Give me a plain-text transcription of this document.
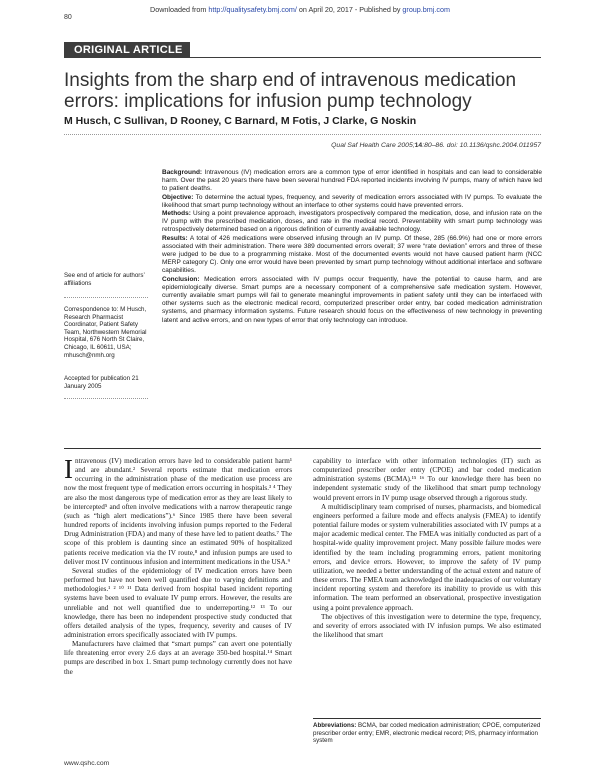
Downloaded from http://qualitysafety.bmj.com/ on April 20, 2017 - Published by group.bmj.com
80
ORIGINAL ARTICLE
Insights from the sharp end of intravenous medication errors: implications for infusion pump technology
M Husch, C Sullivan, D Rooney, C Barnard, M Fotis, J Clarke, G Noskin
Qual Saf Health Care 2005;14:80–86. doi: 10.1136/qshc.2004.011957

Background: Intravenous (IV) medication errors are a common type of error identified in hospitals and can lead to considerable harm. Over the past 20 years there have been several hundred FDA reported incidents involving IV pumps, many of which have led to patient deaths.

Objective: To determine the actual types, frequency, and severity of medication errors associated with IV pumps. To evaluate the likelihood that smart pump technology without an interface to other systems could have prevented errors.

Methods: Using a point prevalence approach, investigators prospectively compared the medication, dose, and infusion rate on the IV pump with the prescribed medication, doses, and rate in the medical record. Preventability with smart pump technology was retrospectively determined based on a rigorous definition of currently available technology.

Results: A total of 426 medications were observed infusing through an IV pump. Of these, 285 (66.9%) had one or more errors associated with their administration. There were 389 documented errors overall; 37 were “rate deviation” errors and three of these were judged to be due to a programming mistake. Most of the documented events would not have caused patient harm (NCC MERP category C). Only one error would have been prevented by smart pump technology without additional interface and software capabilities.

Conclusion: Medication errors associated with IV pumps occur frequently, have the potential to cause harm, and are epidemiologically diverse. Smart pumps are a necessary component of a comprehensive safe medication system. However, currently available smart pumps will fail to generate meaningful improvements in patient safety until they can be interfaced with other systems such as the electronic medical record, computerized prescriber order entry, bar coded medication administration systems, and pharmacy information systems. Future research should focus on the effectiveness of new technology in preventing latent and active errors, and on new types of error that only technology can introduce.

See end of article for authors’ affiliations
Correspondence to: M Husch, Research Pharmacist Coordinator, Patient Safety Team, Northwestern Memorial Hospital, 676 North St Claire, Chicago, IL 60611, USA; mhusch@nmh.org
Accepted for publication 21 January 2005

Intravenous (IV) medication errors have led to considerable patient harm¹ and are abundant.² Several reports estimate that medication errors occurring in the administration phase of the medication use process are now the most frequent type of medication errors occurring in hospitals.³ ⁴ They are also the most dangerous type of medication error as they are least likely to be intercepted⁵ and often involve medications with a narrow therapeutic range (such as “high alert medications”).⁶ Since 1985 there have been several hundred reports of incidents involving infusion pumps reported to the Federal Drug Administration (FDA) and many of these have led to patient deaths.⁷ The scope of this problem is daunting since an estimated 90% of hospitalized patients receive medication via the IV route,⁸ and infusion pumps are used to deliver most IV continuous infusion and intermittent medications in the USA.⁹

Several studies of the epidemiology of IV medication errors have been performed but have not been well quantified due to varying definitions and methodologies.¹ ² ¹⁰ ¹¹ Data derived from hospital based incident reporting systems have been used to evaluate IV pump errors. However, the results are unreliable and not well quantified due to underreporting.¹² ¹³ To our knowledge, there has been no independent prospective study conducted that offers detailed analysis of the types, frequency, severity and causes of IV administration errors specifically associated with IV pumps.

Manufacturers have claimed that “smart pumps” can avert one potentially life threatening error every 2.6 days at an average 350-bed hospital.¹⁴ Smart pumps are described in box 1. Smart pump technology currently does not have the

capability to interface with other information technologies (IT) such as computerized prescriber order entry (CPOE) and bar coded medication administration systems (BCMA).¹⁵ ¹⁶ To our knowledge there has been no independent systematic study of the likelihood that smart pump technology would prevent errors in IV pump usage observed through a rigorous study.

A multidisciplinary team comprised of nurses, pharmacists, and biomedical engineers performed a failure mode and effects analysis (FMEA) to identify potential failure modes or system vulnerabilities associated with IV pumps at a major academic medical center. The FMEA was initially conducted as part of a hospital-wide quality improvement project. Many possible failure modes were identified by the team including programming errors, patient monitoring errors, and device errors. However, to improve the safety of IV pump utilization, we needed a better understanding of the actual extent and nature of these errors. The FMEA team acknowledged the inadequacies of our voluntary incident reporting system and therefore its inability to provide us with this information. The team performed an observational, prospective investigation using a point prevalence approach.

The objectives of this investigation were to determine the type, frequency, and severity of errors associated with IV infusion pumps. We also estimated the likelihood that smart

Abbreviations: BCMA, bar coded medication administration; CPOE, computerized prescriber order entry; EMR, electronic medical record; PIS, pharmacy information system
www.qshc.com
